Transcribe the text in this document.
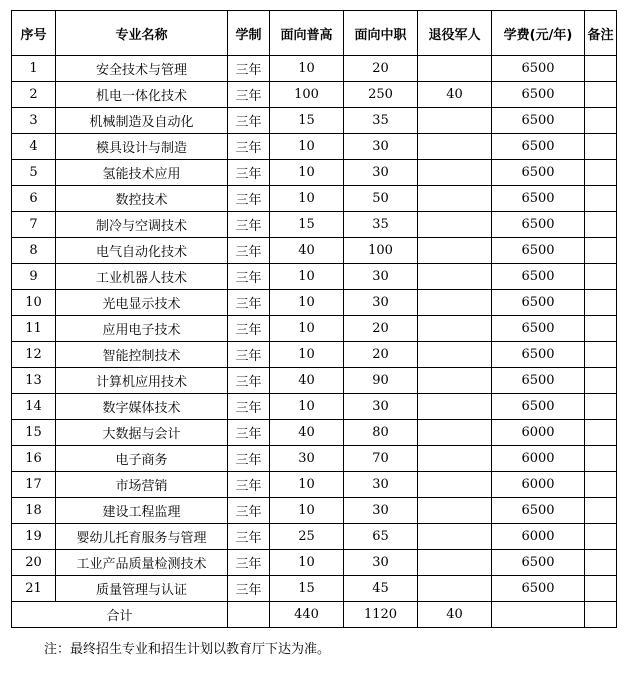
序号	专业名称	学制	面向普高	面向中职	退役军人	学费(元/年)	备注
1	安全技术与管理	三年	10	20		6500	
2	机电一体化技术	三年	100	250	40	6500	
3	机械制造及自动化	三年	15	35		6500	
4	模具设计与制造	三年	10	30		6500	
5	氢能技术应用	三年	10	30		6500	
6	数控技术	三年	10	50		6500	
7	制冷与空调技术	三年	15	35		6500	
8	电气自动化技术	三年	40	100		6500	
9	工业机器人技术	三年	10	30		6500	
10	光电显示技术	三年	10	30		6500	
11	应用电子技术	三年	10	20		6500	
12	智能控制技术	三年	10	20		6500	
13	计算机应用技术	三年	40	90		6500	
14	数字媒体技术	三年	10	30		6500	
15	大数据与会计	三年	40	80		6000	
16	电子商务	三年	30	70		6000	
17	市场营销	三年	10	30		6000	
18	建设工程监理	三年	10	30		6500	
19	婴幼儿托育服务与管理	三年	25	65		6000	
20	工业产品质量检测技术	三年	10	30		6500	
21	质量管理与认证	三年	15	45		6500	
合计			440	1120	40		
注：最终招生专业和招生计划以教育厅下达为准。
